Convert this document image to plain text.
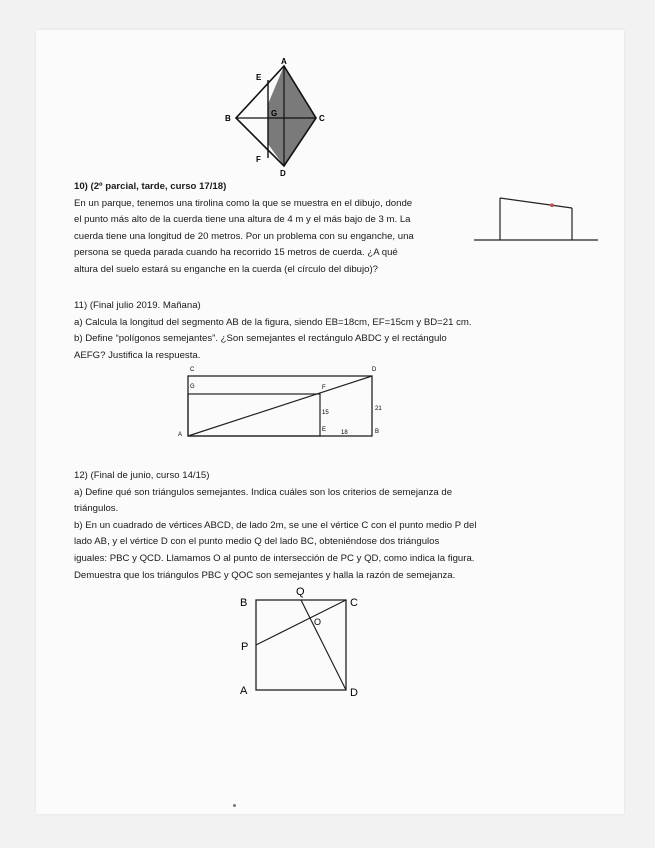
A
E
B
G
C
F
D

10) (2º parcial, tarde, curso 17/18)

En un parque, tenemos una tirolina como la que se muestra en el dibujo, donde

el punto más alto de la cuerda tiene una altura de 4 m y el más bajo de 3 m. La

cuerda tiene una longitud de 20 metros. Por un problema con su enganche, una

persona se queda parada cuando ha recorrido 15 metros de cuerda. ¿A qué

altura del suelo estará su enganche en la cuerda (el círculo del dibujo)?

11) (Final julio 2019. Mañana)

a) Calcula la longitud del segmento AB de la figura, siendo EB=18cm, EF=15cm y BD=21 cm.

b) Define “polígonos semejantes”. ¿Son semejantes el rectángulo ABDC y el rectángulo

AEFG? Justifica la respuesta.

C	D
G	F
A
E	B
15
21
18

12) (Final de junio, curso 14/15)

a) Define qué son triángulos semejantes. Indica cuáles son los criterios de semejanza de

triángulos.

b) En un cuadrado de vértices ABCD, de lado 2m, se une el vértice C con el punto medio P del

lado AB, y el vértice D con el punto medio Q del lado BC, obteniéndose dos triángulos

iguales: PBC y QCD. Llamamos O al punto de intersección de PC y QD, como indica la figura.

Demuestra que los triángulos PBC y QOC son semejantes y halla la razón de semejanza.

Q
B	C
O
P
A	D
